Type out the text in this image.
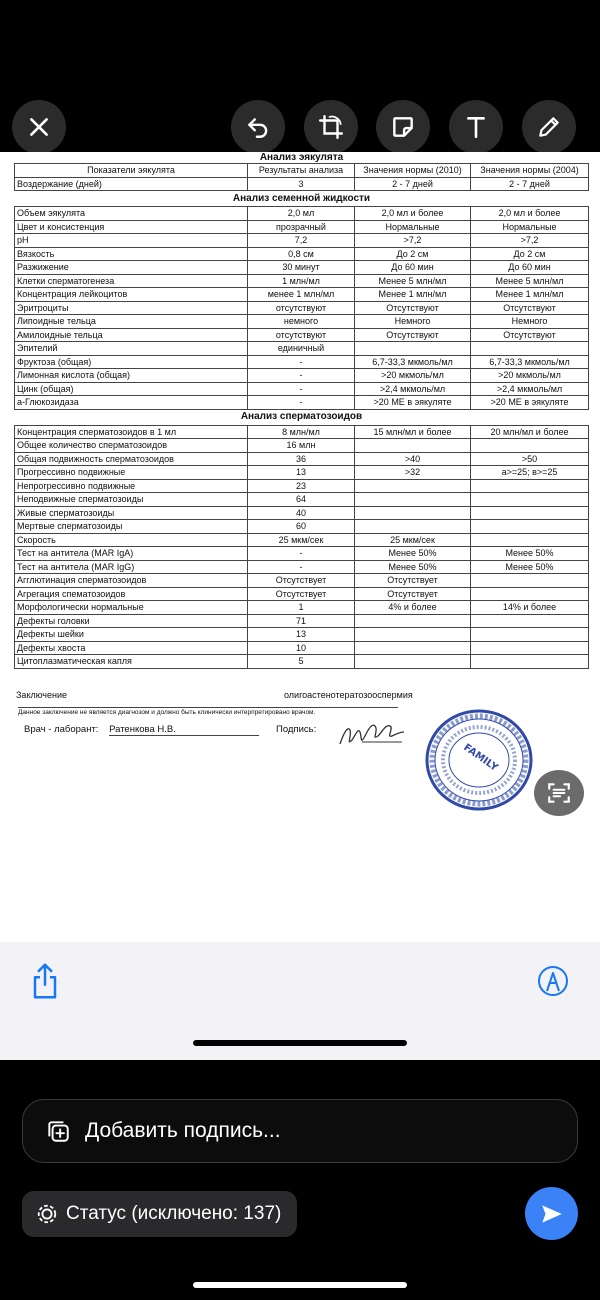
Анализ эякулята			
Показатели эякулята	Результаты анализа	Значения нормы (2010)	Значения нормы (2004)
Воздержание (дней)	3	2 - 7 дней	2 - 7 дней
Анализ семенной жидкости			
Объем эякулята	2,0 мл	2,0 мл и более	2,0 мл и более
Цвет и консистенция	прозрачный	Нормальные	Нормальные
pH	7,2	>7,2	>7,2
Вязкость	0,8 см	До 2 см	До 2 см
Разжижение	30 минут	До 60 мин	До 60 мин
Клетки сперматогенеза	1 млн/мл	Менее 5 млн/мл	Менее 5 млн/мл
Концентрация лейкоцитов	менее 1 млн/мл	Менее 1 млн/мл	Менее 1 млн/мл
Эритроциты	отсутствуют	Отсутствуют	Отсутствуют
Липоидные тельца	немного	Немного	Немного
Амилоидные тельца	отсутствуют	Отсутствуют	Отсутствуют
Эпителий	единичный		
Фруктоза (общая)	-	6,7-33,3 мкмоль/мл	6,7-33,3 мкмоль/мл
Лимонная кислота (общая)	-	>20 мкмоль/мл	>20 мкмоль/мл
Цинк (общая)	-	>2,4 мкмоль/мл	>2,4 мкмоль/мл
a-Глюкозидаза	-	>20 МЕ в эякуляте	>20 МЕ в эякуляте
Анализ сперматозоидов			
Концентрация сперматозоидов в 1 мл	8 млн/мл	15 млн/мл и более	20 млн/мл и более
Общее количество сперматозоидов	16 млн		
Общая подвижность сперматозоидов	36	>40	>50
Прогрессивно подвижные	13	>32	a>=25; в>=25
Непрогрессивно подвижные	23		
Неподвижные сперматозоиды	64		
Живые сперматозоиды	40		
Мертвые сперматозоиды	60		
Скорость	25 мкм/сек	25 мкм/сек	
Тест на антитела (MAR IgA)	-	Менее 50%	Менее 50%
Тест на антитела (MAR IgG)	-	Менее 50%	Менее 50%
Агглютинация сперматозоидов	Отсутствует	Отсутствует	
Агрегация спематозоидов	Отсутствует	Отсутствует	
Морфологически нормальные	1	4% и более	14% и более
Дефекты головки	71		
Дефекты шейки	13		
Дефекты хвоста	10		
Цитоплазматическая капля	5		
Заключение	олигоастенотератозооспермия
Данное заключение не является диагнозом и должно быть клинически интерпретировано врачом.
Врач - лаборант: Ратенкова Н.В.	Подпись:
FAMILY
Добавить подпись...
Статус (исключено: 137)
